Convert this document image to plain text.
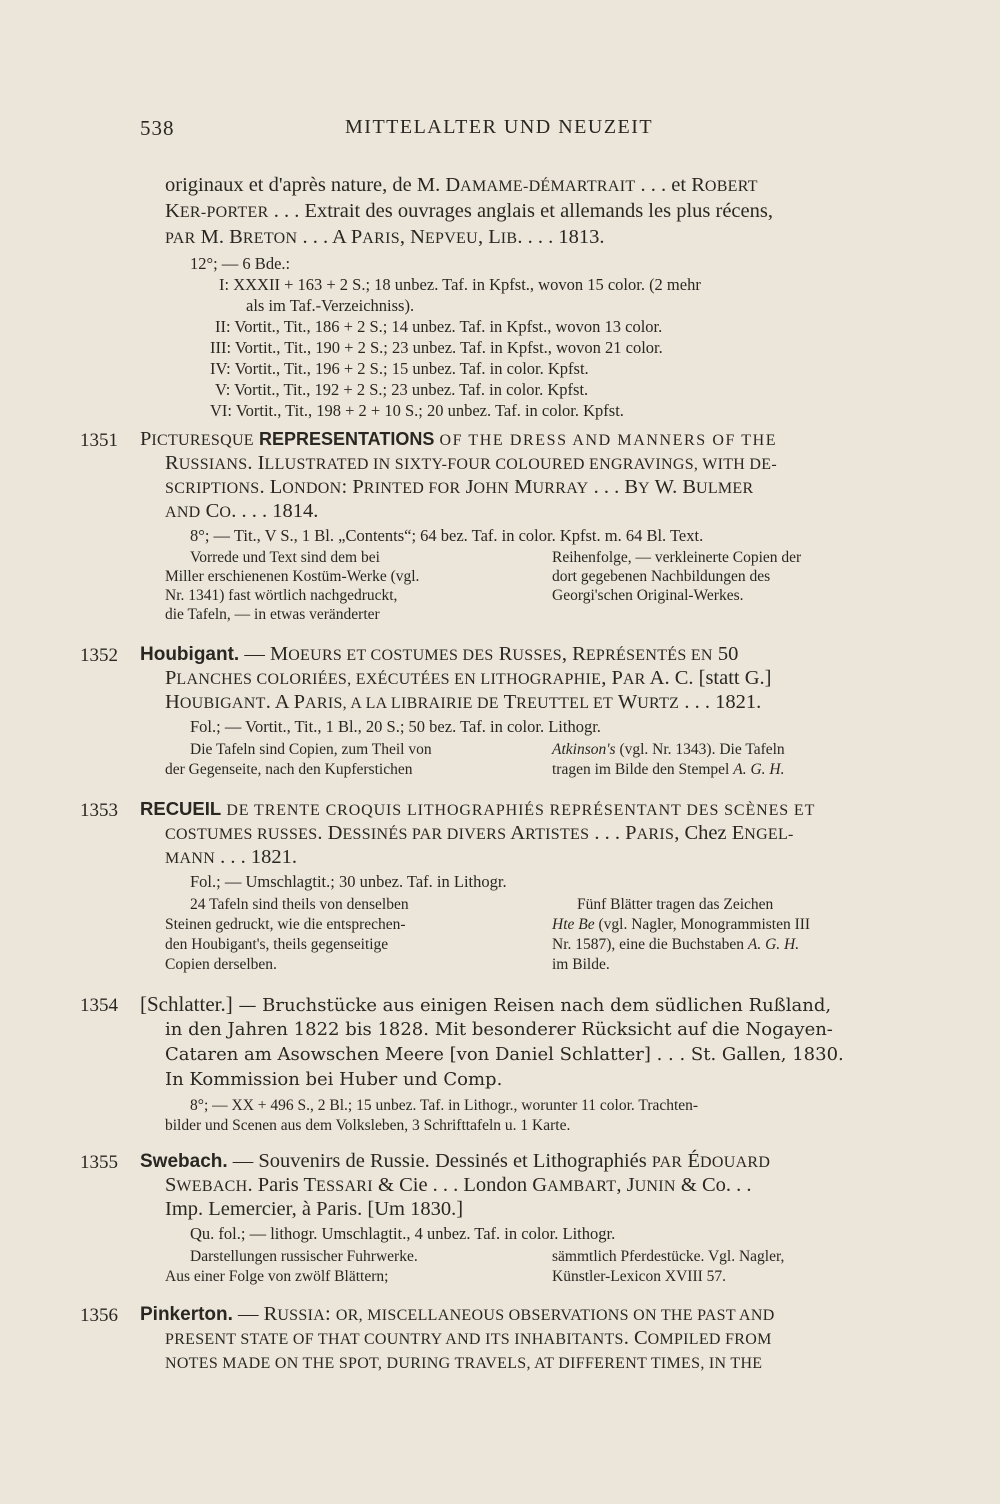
538	MITTELALTER UND NEUZEIT
originaux et d'après nature, de M. DAMAME-DÉMARTRAIT . . . et ROBERT
KER-PORTER . . . Extrait des ouvrages anglais et allemands les plus récens,
PAR M. BRETON . . . A PARIS, NEPVEU, LIB. . . . 1813.
12°; — 6 Bde.:
I: XXXII + 163 + 2 S.; 18 unbez. Taf. in Kpfst., wovon 15 color. (2 mehr
als im Taf.-Verzeichniss).
II: Vortit., Tit., 186 + 2 S.; 14 unbez. Taf. in Kpfst., wovon 13 color.
III: Vortit., Tit., 190 + 2 S.; 23 unbez. Taf. in Kpfst., wovon 21 color.
IV: Vortit., Tit., 196 + 2 S.; 15 unbez. Taf. in color. Kpfst.
V: Vortit., Tit., 192 + 2 S.; 23 unbez. Taf. in color. Kpfst.
VI: Vortit., Tit., 198 + 2 + 10 S.; 20 unbez. Taf. in color. Kpfst.
1351 PICTURESQUE REPRESENTATIONS OF THE DRESS AND MANNERS OF THE
RUSSIANS. ILLUSTRATED IN SIXTY-FOUR COLOURED ENGRAVINGS, WITH DE-
SCRIPTIONS. LONDON: PRINTED FOR JOHN MURRAY . . . BY W. BULMER
AND CO. . . . 1814.
8°; — Tit., V S., 1 Bl. „Contents“; 64 bez. Taf. in color. Kpfst. m. 64 Bl. Text.
Vorrede und Text sind dem bei
Miller erschienenen Kostüm-Werke (vgl.
Nr. 1341) fast wörtlich nachgedruckt,
die Tafeln, — in etwas veränderter
Reihenfolge, — verkleinerte Copien der
dort gegebenen Nachbildungen des
Georgi'schen Original-Werkes.
1352 Houbigant. — MOEURS ET COSTUMES DES RUSSES, REPRÉSENTÉS EN 50
PLANCHES COLORIÉES, EXÉCUTÉES EN LITHOGRAPHIE, PAR A. C. [statt G.]
HOUBIGANT. A PARIS, A LA LIBRAIRIE DE TREUTTEL ET WURTZ . . . 1821.
Fol.; — Vortit., Tit., 1 Bl., 20 S.; 50 bez. Taf. in color. Lithogr.
Die Tafeln sind Copien, zum Theil von
der Gegenseite, nach den Kupferstichen
Atkinson's (vgl. Nr. 1343). Die Tafeln
tragen im Bilde den Stempel A. G. H.
1353 RECUEIL DE TRENTE CROQUIS LITHOGRAPHIÉS REPRÉSENTANT DES SCÈNES ET
COSTUMES RUSSES. DESSINÉS PAR DIVERS ARTISTES . . . PARIS, Chez ENGEL-
MANN . . . 1821.
Fol.; — Umschlagtit.; 30 unbez. Taf. in Lithogr.
24 Tafeln sind theils von denselben
Steinen gedruckt, wie die entsprechen-
den Houbigant's, theils gegenseitige
Copien derselben.
Fünf Blätter tragen das Zeichen
Hte Be (vgl. Nagler, Monogrammisten III
Nr. 1587), eine die Buchstaben A. G. H.
im Bilde.
1354 [Schlatter.] — Bruchstücke aus einigen Reisen nach dem südlichen Rußland,
in den Jahren 1822 bis 1828. Mit besonderer Rücksicht auf die Nogayen-
Cataren am Asowschen Meere [von Daniel Schlatter] . . . St. Gallen, 1830.
In Kommission bei Huber und Comp.
8°; — XX + 496 S., 2 Bl.; 15 unbez. Taf. in Lithogr., worunter 11 color. Trachten-
bilder und Scenen aus dem Volksleben, 3 Schrifttafeln u. 1 Karte.
1355 Swebach. — Souvenirs de Russie. Dessinés et Lithographiés PAR ÉDOUARD
SWEBACH. Paris TESSARI & Cie . . . London GAMBART, JUNIN & Co. . .
Imp. Lemercier, à Paris. [Um 1830.]
Qu. fol.; — lithogr. Umschlagtit., 4 unbez. Taf. in color. Lithogr.
Darstellungen russischer Fuhrwerke.
Aus einer Folge von zwölf Blättern;
sämmtlich Pferdestücke. Vgl. Nagler,
Künstler-Lexicon XVIII 57.
1356 Pinkerton. — RUSSIA: OR, MISCELLANEOUS OBSERVATIONS ON THE PAST AND
PRESENT STATE OF THAT COUNTRY AND ITS INHABITANTS. COMPILED FROM
NOTES MADE ON THE SPOT, DURING TRAVELS, AT DIFFERENT TIMES, IN THE
